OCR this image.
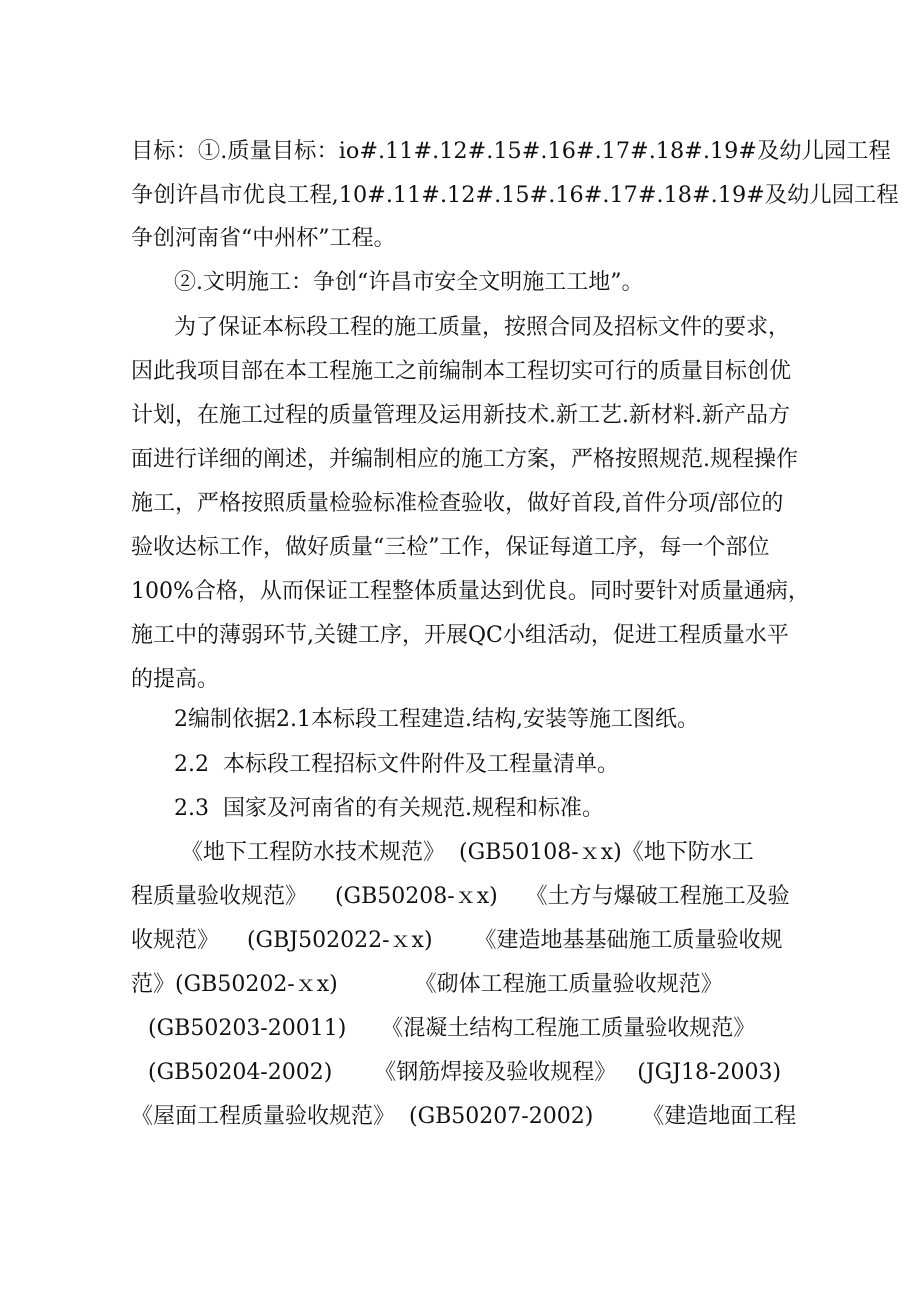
目标：①.质量目标：io#.11#.12#.15#.16#.17#.18#.19#及幼儿园工程
争创许昌市优良工程,10#.11#.12#.15#.16#.17#.18#.19#及幼儿园工程
争创河南省“中州杯”工程。
②.文明施工：争创“许昌市安全文明施工工地”。
为了保证本标段工程的施工质量，按照合同及招标文件的要求，
因此我项目部在本工程施工之前编制本工程切实可行的质量目标创优
计划，在施工过程的质量管理及运用新技术.新工艺.新材料.新产品方
面进行详细的阐述，并编制相应的施工方案，严格按照规范.规程操作
施工，严格按照质量检验标准检查验收，做好首段,首件分项/部位的
验收达标工作，做好质量“三检”工作，保证每道工序，每一个部位
100%合格，从而保证工程整体质量达到优良。同时要针对质量通病，
施工中的薄弱环节,关键工序，开展QC小组活动，促进工程质量水平
的提高。
2编制依据2.1本标段工程建造.结构,安装等施工图纸。
2.2  本标段工程招标文件附件及工程量清单。
2.3  国家及河南省的有关规范.规程和标准。
《地下工程防水技术规范》  (GB50108-ｘx)《地下防水工
程质量验收规范》    (GB50208-ｘx)    《土方与爆破工程施工及验
收规范》    (GBJ502022-ｘx)      《建造地基基础施工质量验收规
范》(GB50202-ｘx)           《砌体工程施工质量验收规范》
(GB50203-20011)     《混凝土结构工程施工质量验收规范》
(GB50204-2002)      《钢筋焊接及验收规程》   (JGJ18-2003)
《屋面工程质量验收规范》  (GB50207-2002)       《建造地面工程
